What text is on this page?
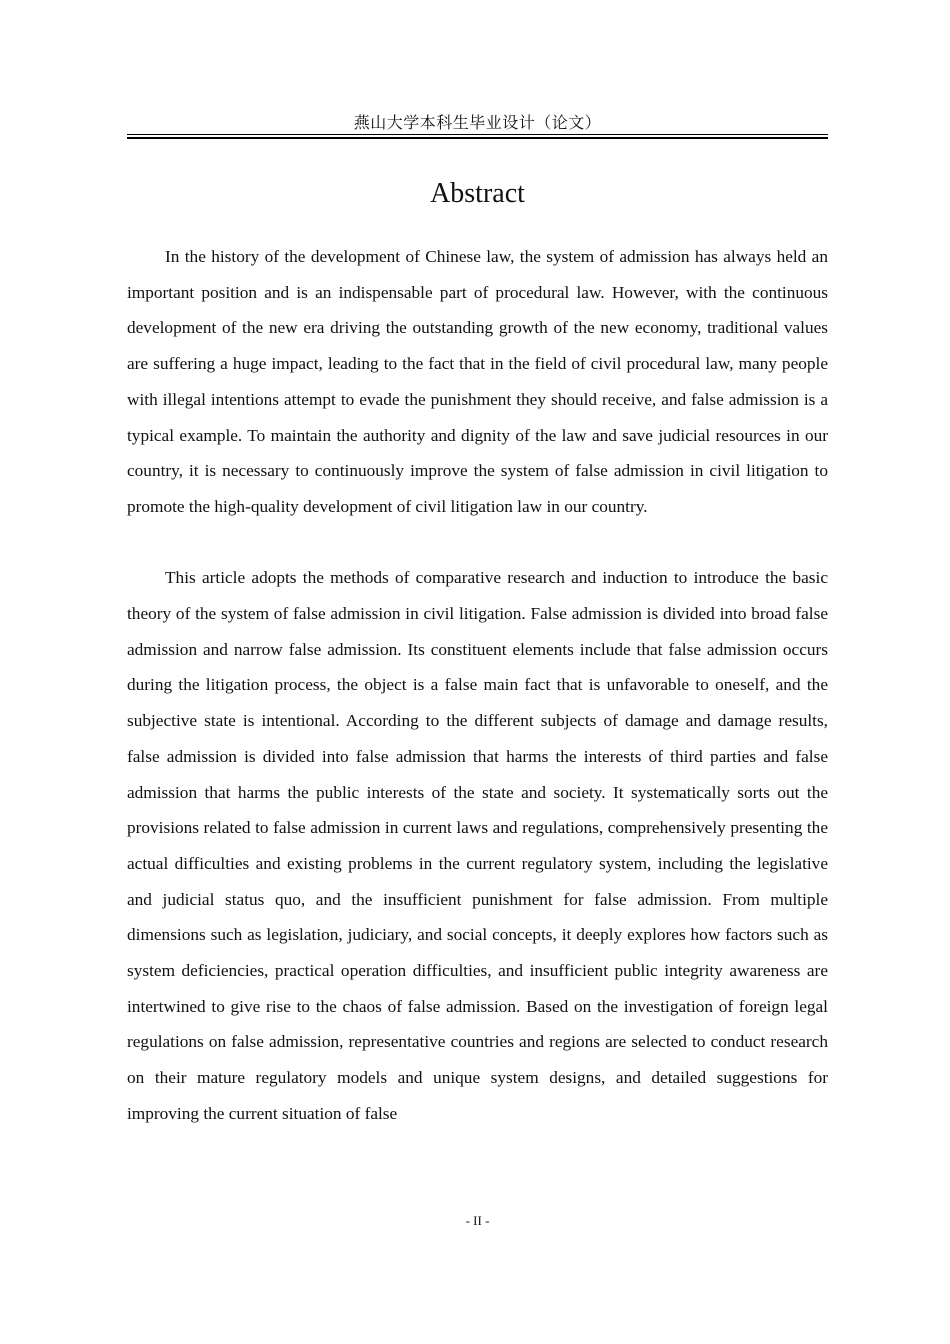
燕山大学本科生毕业设计（论文）
Abstract

In the history of the development of Chinese law, the system of admission has always held an important position and is an indispensable part of procedural law. However, with the continuous development of the new era driving the outstanding growth of the new economy, traditional values are suffering a huge impact, leading to the fact that in the field of civil procedural law, many people with illegal intentions attempt to evade the punishment they should receive, and false admission is a typical example. To maintain the authority and dignity of the law and save judicial resources in our country, it is necessary to continuously improve the system of false admission in civil litigation to promote the high-quality development of civil litigation law in our country.

This article adopts the methods of comparative research and induction to introduce the basic theory of the system of false admission in civil litigation. False admission is divided into broad false admission and narrow false admission. Its constituent elements include that false admission occurs during the litigation process, the object is a false main fact that is unfavorable to oneself, and the subjective state is intentional. According to the different subjects of damage and damage results, false admission is divided into false admission that harms the interests of third parties and false admission that harms the public interests of the state and society. It systematically sorts out the provisions related to false admission in current laws and regulations, comprehensively presenting the actual difficulties and existing problems in the current regulatory system, including the legislative and judicial status quo, and the insufficient punishment for false admission. From multiple dimensions such as legislation, judiciary, and social concepts, it deeply explores how factors such as system deficiencies, practical operation difficulties, and insufficient public integrity awareness are intertwined to give rise to the chaos of false admission. Based on the investigation of foreign legal regulations on false admission, representative countries and regions are selected to conduct research on their mature regulatory models and unique system designs, and detailed suggestions for improving the current situation of false

- II -
